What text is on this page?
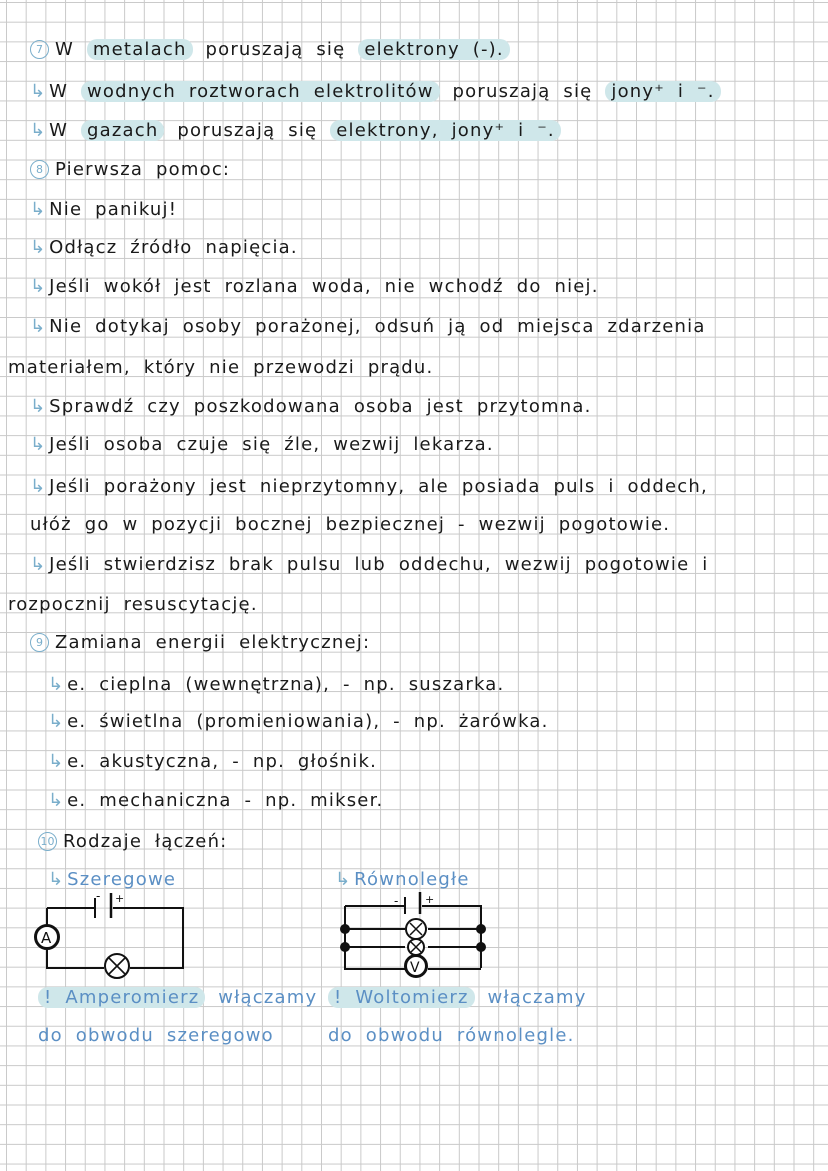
7 W metalach poruszają się elektrony (-).
↳ W wodnych roztworach elektrolitów poruszają się jony⁺ i ⁻.
↳ W gazach poruszają się elektrony, jony⁺ i ⁻.
8 Pierwsza pomoc:
↳ Nie panikuj!
↳ Odłącz źródło napięcia.
↳ Jeśli wokół jest rozlana woda, nie wchodź do niej.
↳ Nie dotykaj osoby porażonej, odsuń ją od miejsca zdarzenia
materiałem, który nie przewodzi prądu.
↳ Sprawdź czy poszkodowana osoba jest przytomna.
↳ Jeśli osoba czuje się źle, wezwij lekarza.
↳ Jeśli porażony jest nieprzytomny, ale posiada puls i oddech,
ułóż go w pozycji bocznej bezpiecznej - wezwij pogotowie.
↳ Jeśli stwierdzisz brak pulsu lub oddechu, wezwij pogotowie i
rozpocznij resuscytację.
9 Zamiana energii elektrycznej:
↳ e. cieplna (wewnętrzna), - np. suszarka.
↳ e. świetlna (promieniowania), - np. żarówka.
↳ e. akustyczna, - np. głośnik.
↳ e. mechaniczna - np. mikser.
10 Rodzaje łączeń:
↳ Szeregowe	↳ Równoległe
! Amperomierz włączamy
do obwodu szeregowo
! Woltomierz włączamy
do obwodu równolegle.
- +
A
- +
V
